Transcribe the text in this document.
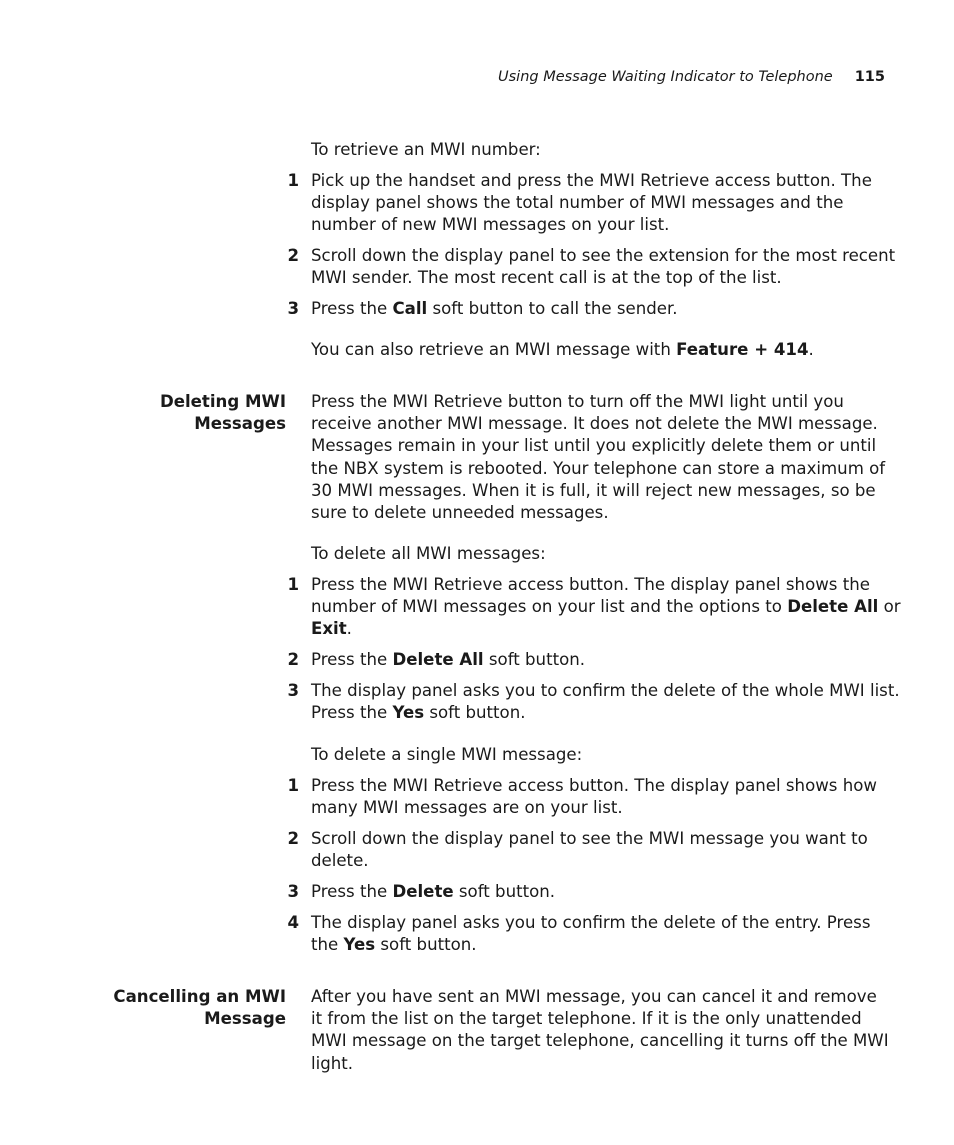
Using Message Waiting Indicator to Telephone 115
To retrieve an MWI number:
1 Pick up the handset and press the MWI Retrieve access button. The display panel shows the total number of MWI messages and the number of new MWI messages on your list.
2 Scroll down the display panel to see the extension for the most recent MWI sender. The most recent call is at the top of the list.
3 Press the Call soft button to call the sender.
You can also retrieve an MWI message with Feature + 414.
Deleting MWI
Messages
Press the MWI Retrieve button to turn off the MWI light until you receive another MWI message. It does not delete the MWI message. Messages remain in your list until you explicitly delete them or until the NBX system is rebooted. Your telephone can store a maximum of 30 MWI messages. When it is full, it will reject new messages, so be sure to delete unneeded messages.
To delete all MWI messages:
1 Press the MWI Retrieve access button. The display panel shows the number of MWI messages on your list and the options to Delete All or Exit.
2 Press the Delete All soft button.
3 The display panel asks you to confirm the delete of the whole MWI list. Press the Yes soft button.
To delete a single MWI message:
1 Press the MWI Retrieve access button. The display panel shows how many MWI messages are on your list.
2 Scroll down the display panel to see the MWI message you want to delete.
3 Press the Delete soft button.
4 The display panel asks you to confirm the delete of the entry. Press the Yes soft button.
Cancelling an MWI
Message
After you have sent an MWI message, you can cancel it and remove it from the list on the target telephone. If it is the only unattended MWI message on the target telephone, cancelling it turns off the MWI light.
